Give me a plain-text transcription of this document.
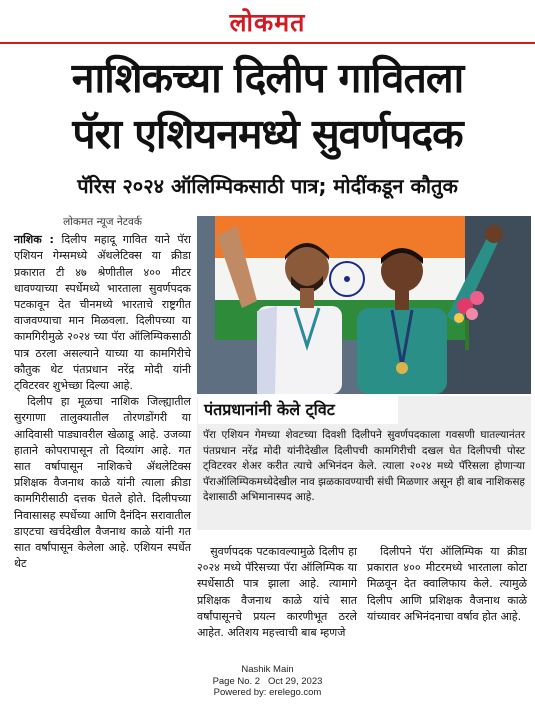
लोकमत
नाशिकच्या दिलीप गावितला
पॅरा एशियनमध्ये सुवर्णपदक
पॅरिस २०२४ ऑलिम्पिकसाठी पात्र; मोदींकडून कौतुक
लोकमत न्यूज नेटवर्क
नाशिक : दिलीप महादू गावित याने पॅरा एशियन गेम्समध्ये ॲथलेटिक्स या क्रीडा प्रकारात टी ४७ श्रेणीतील ४०० मीटर धावण्याच्या स्पर्धेमध्ये भारताला सुवर्णपदक पटकावून देत चीनमध्ये भारताचे राष्ट्रगीत वाजवण्याचा मान मिळवला. दिलीपच्या या कामगिरीमुळे २०२४ च्या पॅरा ऑलिम्पिकसाठी पात्र ठरला असल्याने याच्या या कामगिरीचे कौतुक थेट पंतप्रधान नरेंद्र मोदी यांनी ट्विटरवर शुभेच्छा दिल्या आहे.
दिलीप हा मूळचा नाशिक जिल्ह्यातील सुरगाणा तालुक्यातील तोरणडोंगरी या आदिवासी पाड्यावरील खेळाडू आहे. उजव्या हाताने कोपरापासून तो दिव्यांग आहे. गत सात वर्षापासून नाशिकचे ॲथलेटिक्स प्रशिक्षक वैजनाथ काळे यांनी त्याला क्रीडा कामगिरीसाठी दत्तक घेतले होते. दिलीपच्या निवासासह स्पर्धेच्या आणि दैनंदिन सरावातील डाएटचा खर्चदेखील वैजनाथ काळे यांनी गत सात वर्षांपासून केलेला आहे. एशियन स्पर्धेत थेट
पंतप्रधानांनी केले ट्विट
पॅरा एशियन गेमच्या शेवटच्या दिवशी दिलीपने सुवर्णपदकाला गवसणी घातल्यानंतर पंतप्रधान नरेंद्र मोदी यांनीदेखील दिलीपची कामगिरीची दखल घेत दिलीपची पोस्ट ट्विटरवर शेअर करीत त्याचे अभिनंदन केले. त्याला २०२४ मध्ये पॅरिसला होणाऱ्या पॅराऑलिम्पिकमध्येदेखील नाव झळकावण्याची संधी मिळणार असून ही बाब नाशिकसह देशासाठी अभिमानास्पद आहे.
सुवर्णपदक पटकावल्यामुळे दिलीप हा २०२४ मध्ये पॅरिसच्या पॅरा ऑलिम्पिक या स्पर्धेसाठी पात्र झाला आहे. त्यामागे प्रशिक्षक वैजनाथ काळे यांचे सात वर्षांपासूनचे प्रयत्न कारणीभूत ठरले आहेत. अतिशय महत्त्वाची बाब म्हणजे
दिलीपने पॅरा ऑलिम्पिक या क्रीडा प्रकारात ४०० मीटरमध्ये भारताला कोटा मिळवून देत क्वालिफाय केले. त्यामुळे दिलीप आणि प्रशिक्षक वैजनाथ काळे यांच्यावर अभिनंदनाचा वर्षाव होत आहे.
Nashik Main
Page No. 2   Oct 29, 2023
Powered by: erelego.com
